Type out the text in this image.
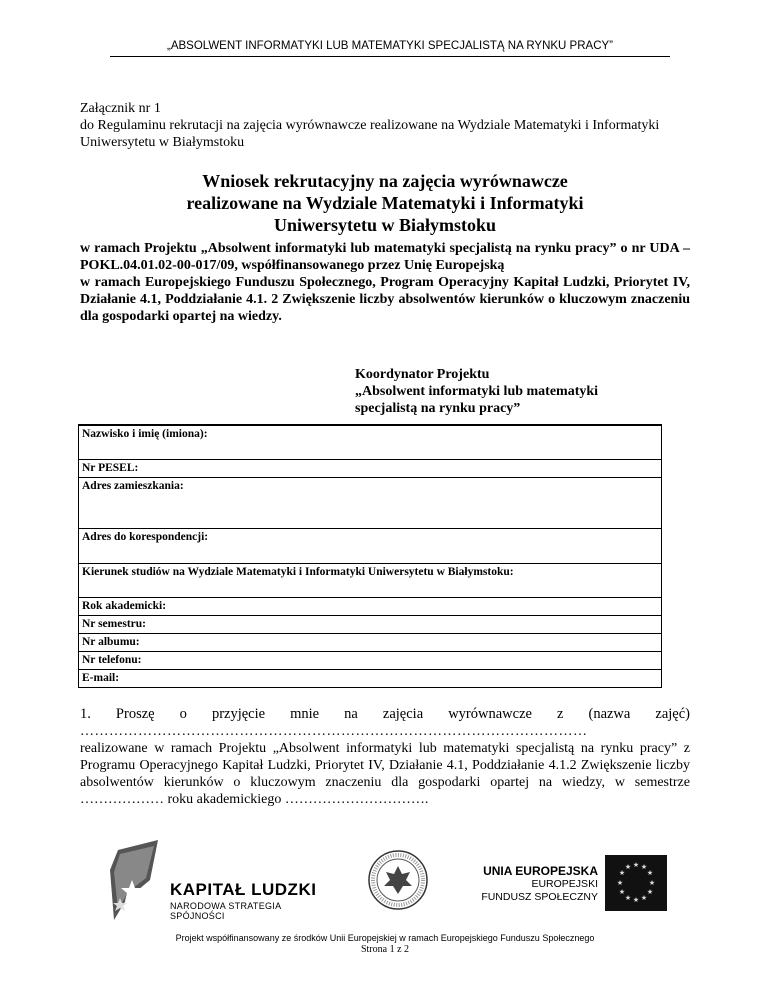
„ABSOLWENT INFORMATYKI LUB MATEMATYKI SPECJALISTĄ NA RYNKU PRACY”
Załącznik nr 1
do Regulaminu rekrutacji na zajęcia wyrównawcze realizowane na Wydziale Matematyki i Informatyki Uniwersytetu w Białymstoku
Wniosek rekrutacyjny na zajęcia wyrównawcze
realizowane na Wydziale Matematyki i Informatyki
Uniwersytetu w Białymstoku
w ramach Projektu „Absolwent informatyki lub matematyki specjalistą na rynku pracy” o nr UDA – POKL.04.01.02-00-017/09, współfinansowanego przez Unię Europejską
w ramach Europejskiego Funduszu Społecznego, Program Operacyjny Kapitał Ludzki, Priorytet IV, Działanie 4.1, Poddziałanie 4.1. 2 Zwiększenie liczby absolwentów kierunków o kluczowym znaczeniu dla gospodarki opartej na wiedzy.
Koordynator Projektu
„Absolwent informatyki lub matematyki
specjalistą na rynku pracy”
Nazwisko i imię (imiona):
Nr PESEL:
Adres zamieszkania:
Adres do korespondencji:
Kierunek studiów na Wydziale Matematyki i Informatyki Uniwersytetu w Białymstoku:
Rok akademicki:
Nr semestru:
Nr albumu:
Nr telefonu:
E-mail:
1. Proszę o przyjęcie mnie na zajęcia wyrównawcze z (nazwa zajęć)
……………………………………………………………………………………………
realizowane w ramach Projektu „Absolwent informatyki lub matematyki specjalistą na rynku pracy” z Programu Operacyjnego Kapitał Ludzki, Priorytet IV, Działanie 4.1, Poddziałanie 4.1.2 Zwiększenie liczby absolwentów kierunków o kluczowym znaczeniu dla gospodarki opartej na wiedzy, w semestrze ……………… roku akademickiego ………………………….
KAPITAŁ LUDZKI
NARODOWA STRATEGIA SPÓJNOŚCI
UNIA EUROPEJSKA
EUROPEJSKI
FUNDUSZ SPOŁECZNY
★ ★
★
★
★
★
★
★
★
★
★
★
Projekt współfinansowany ze środków Unii Europejskiej w ramach Europejskiego Funduszu Społecznego
Strona 1 z 2
